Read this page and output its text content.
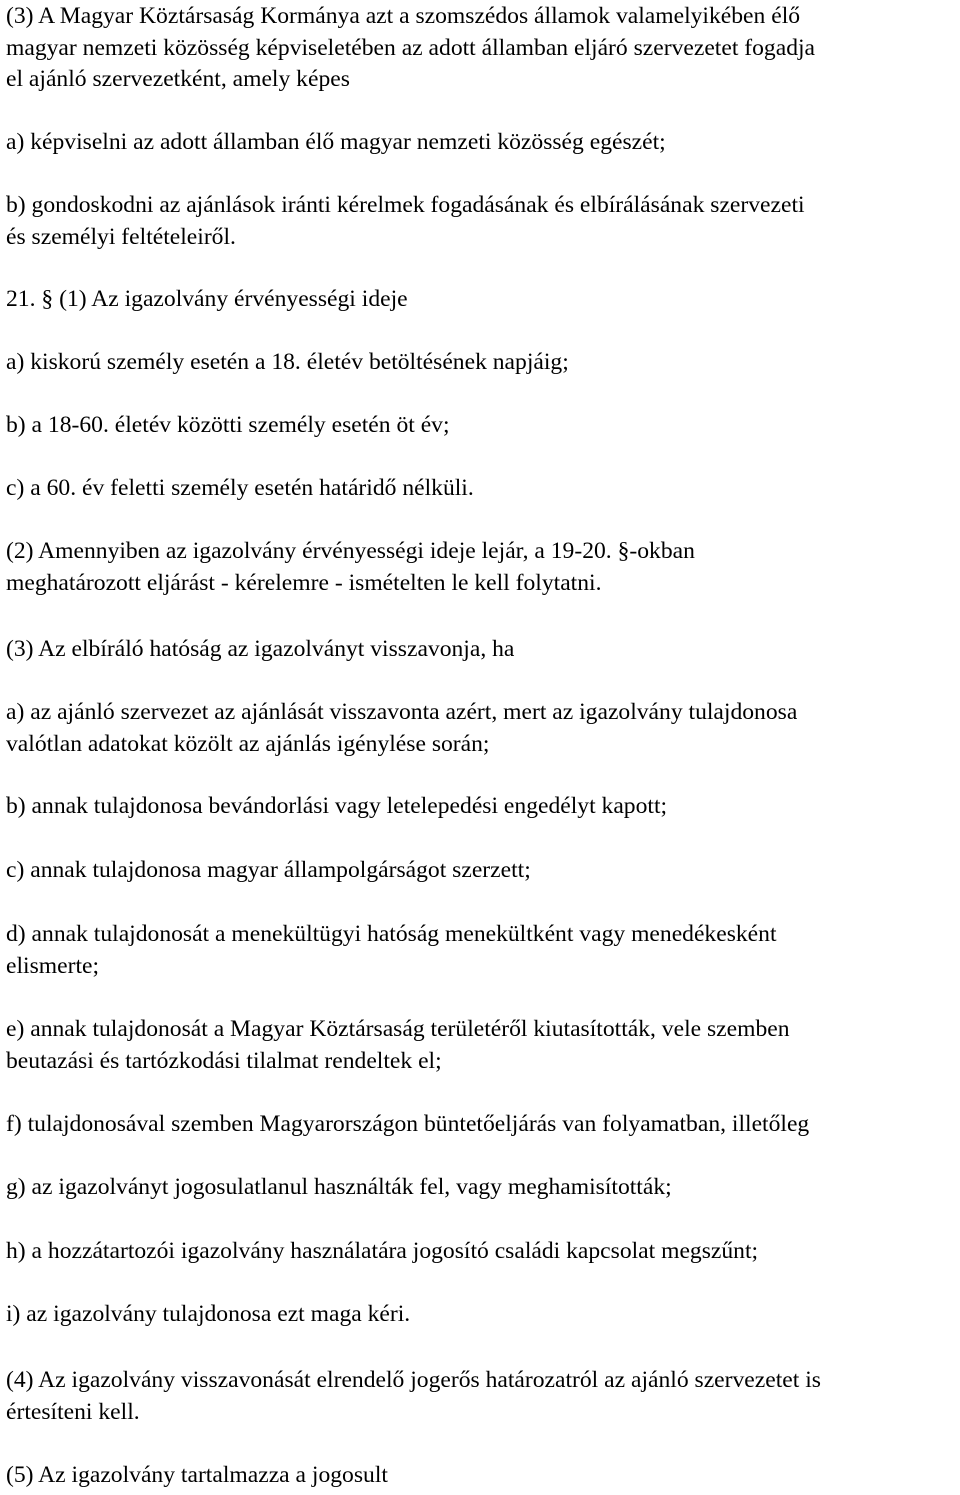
(3) A Magyar Köztársaság Kormánya azt a szomszédos államok valamelyikében élő
magyar nemzeti közösség képviseletében az adott államban eljáró szervezetet fogadja
el ajánló szervezetként, amely képes

a) képviselni az adott államban élő magyar nemzeti közösség egészét;

b) gondoskodni az ajánlások iránti kérelmek fogadásának és elbírálásának szervezeti
és személyi feltételeiről.

21. § (1) Az igazolvány érvényességi ideje

a) kiskorú személy esetén a 18. életév betöltésének napjáig;

b) a 18-60. életév közötti személy esetén öt év;

c) a 60. év feletti személy esetén határidő nélküli.

(2) Amennyiben az igazolvány érvényességi ideje lejár, a 19-20. §-okban
meghatározott eljárást - kérelemre - ismételten le kell folytatni.

(3) Az elbíráló hatóság az igazolványt visszavonja, ha

a) az ajánló szervezet az ajánlását visszavonta azért, mert az igazolvány tulajdonosa
valótlan adatokat közölt az ajánlás igénylése során;

b) annak tulajdonosa bevándorlási vagy letelepedési engedélyt kapott;

c) annak tulajdonosa magyar állampolgárságot szerzett;

d) annak tulajdonosát a menekültügyi hatóság menekültként vagy menedékesként
elismerte;

e) annak tulajdonosát a Magyar Köztársaság területéről kiutasították, vele szemben
beutazási és tartózkodási tilalmat rendeltek el;

f) tulajdonosával szemben Magyarországon büntetőeljárás van folyamatban, illetőleg

g) az igazolványt jogosulatlanul használták fel, vagy meghamisították;

h) a hozzátartozói igazolvány használatára jogosító családi kapcsolat megszűnt;

i) az igazolvány tulajdonosa ezt maga kéri.

(4) Az igazolvány visszavonását elrendelő jogerős határozatról az ajánló szervezetet is
értesíteni kell.

(5) Az igazolvány tartalmazza a jogosult
